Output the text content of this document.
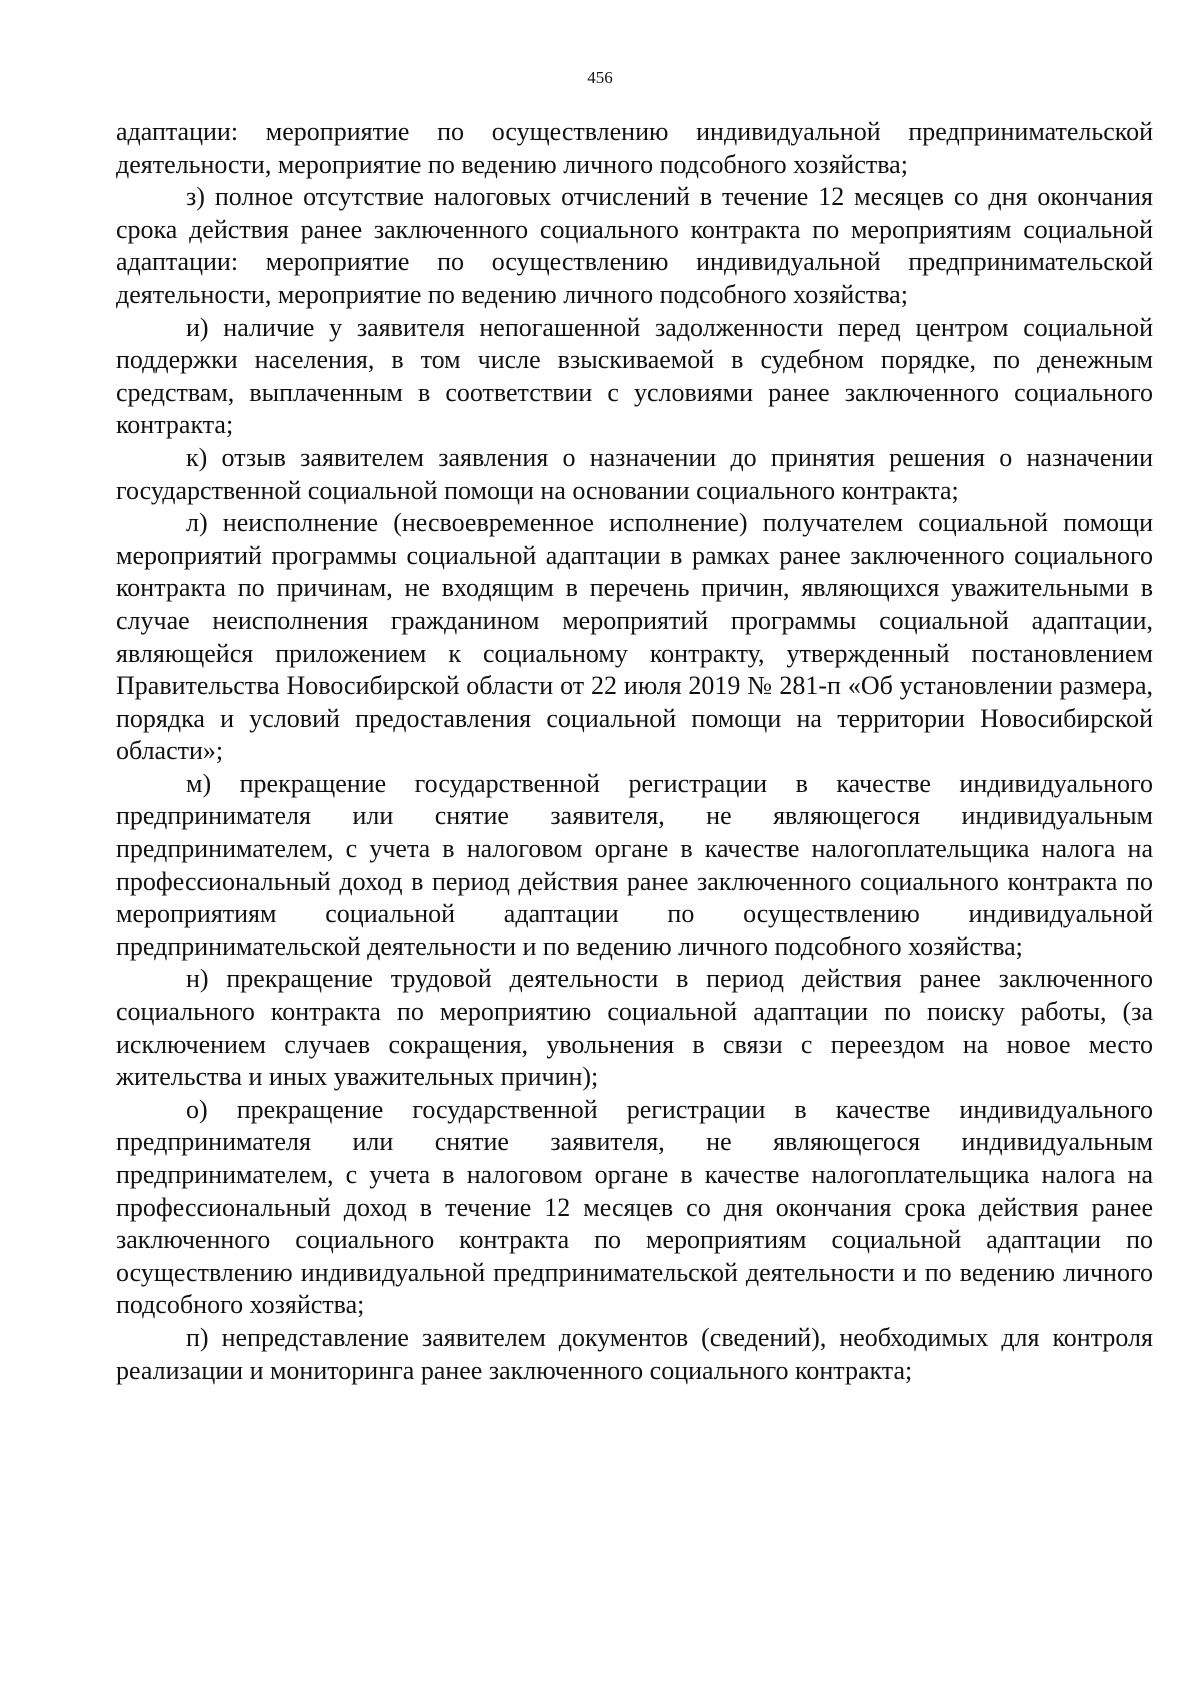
456

адаптации: мероприятие по осуществлению индивидуальной предпринимательской деятельности, мероприятие по ведению личного подсобного хозяйства;

з) полное отсутствие налоговых отчислений в течение 12 месяцев со дня окончания срока действия ранее заключенного социального контракта по мероприятиям социальной адаптации: мероприятие по осуществлению индивидуальной предпринимательской деятельности, мероприятие по ведению личного подсобного хозяйства;

и) наличие у заявителя непогашенной задолженности перед центром социальной поддержки населения, в том числе взыскиваемой в судебном порядке, по денежным средствам, выплаченным в соответствии с условиями ранее заключенного социального контракта;

к) отзыв заявителем заявления о назначении до принятия решения о назначении государственной социальной помощи на основании социального контракта;

л) неисполнение (несвоевременное исполнение) получателем социальной помощи мероприятий программы социальной адаптации в рамках ранее заключенного социального контракта по причинам, не входящим в перечень причин, являющихся уважительными в случае неисполнения гражданином мероприятий программы социальной адаптации, являющейся приложением к социальному контракту, утвержденный постановлением Правительства Новосибирской области от 22 июля 2019 № 281-п «Об установлении размера, порядка и условий предоставления социальной помощи на территории Новосибирской области»;

м) прекращение государственной регистрации в качестве индивидуального предпринимателя или снятие заявителя, не являющегося индивидуальным предпринимателем, с учета в налоговом органе в качестве налогоплательщика налога на профессиональный доход в период действия ранее заключенного социального контракта по мероприятиям социальной адаптации по осуществлению индивидуальной предпринимательской деятельности и по ведению личного подсобного хозяйства;

н) прекращение трудовой деятельности в период действия ранее заключенного социального контракта по мероприятию социальной адаптации по поиску работы, (за исключением случаев сокращения, увольнения в связи с переездом на новое место жительства и иных уважительных причин);

о) прекращение государственной регистрации в качестве индивидуального предпринимателя или снятие заявителя, не являющегося индивидуальным предпринимателем, с учета в налоговом органе в качестве налогоплательщика налога на профессиональный доход в течение 12 месяцев со дня окончания срока действия ранее заключенного социального контракта по мероприятиям социальной адаптации по осуществлению индивидуальной предпринимательской деятельности и по ведению личного подсобного хозяйства;

п) непредставление заявителем документов (сведений), необходимых для контроля реализации и мониторинга ранее заключенного социального контракта;
